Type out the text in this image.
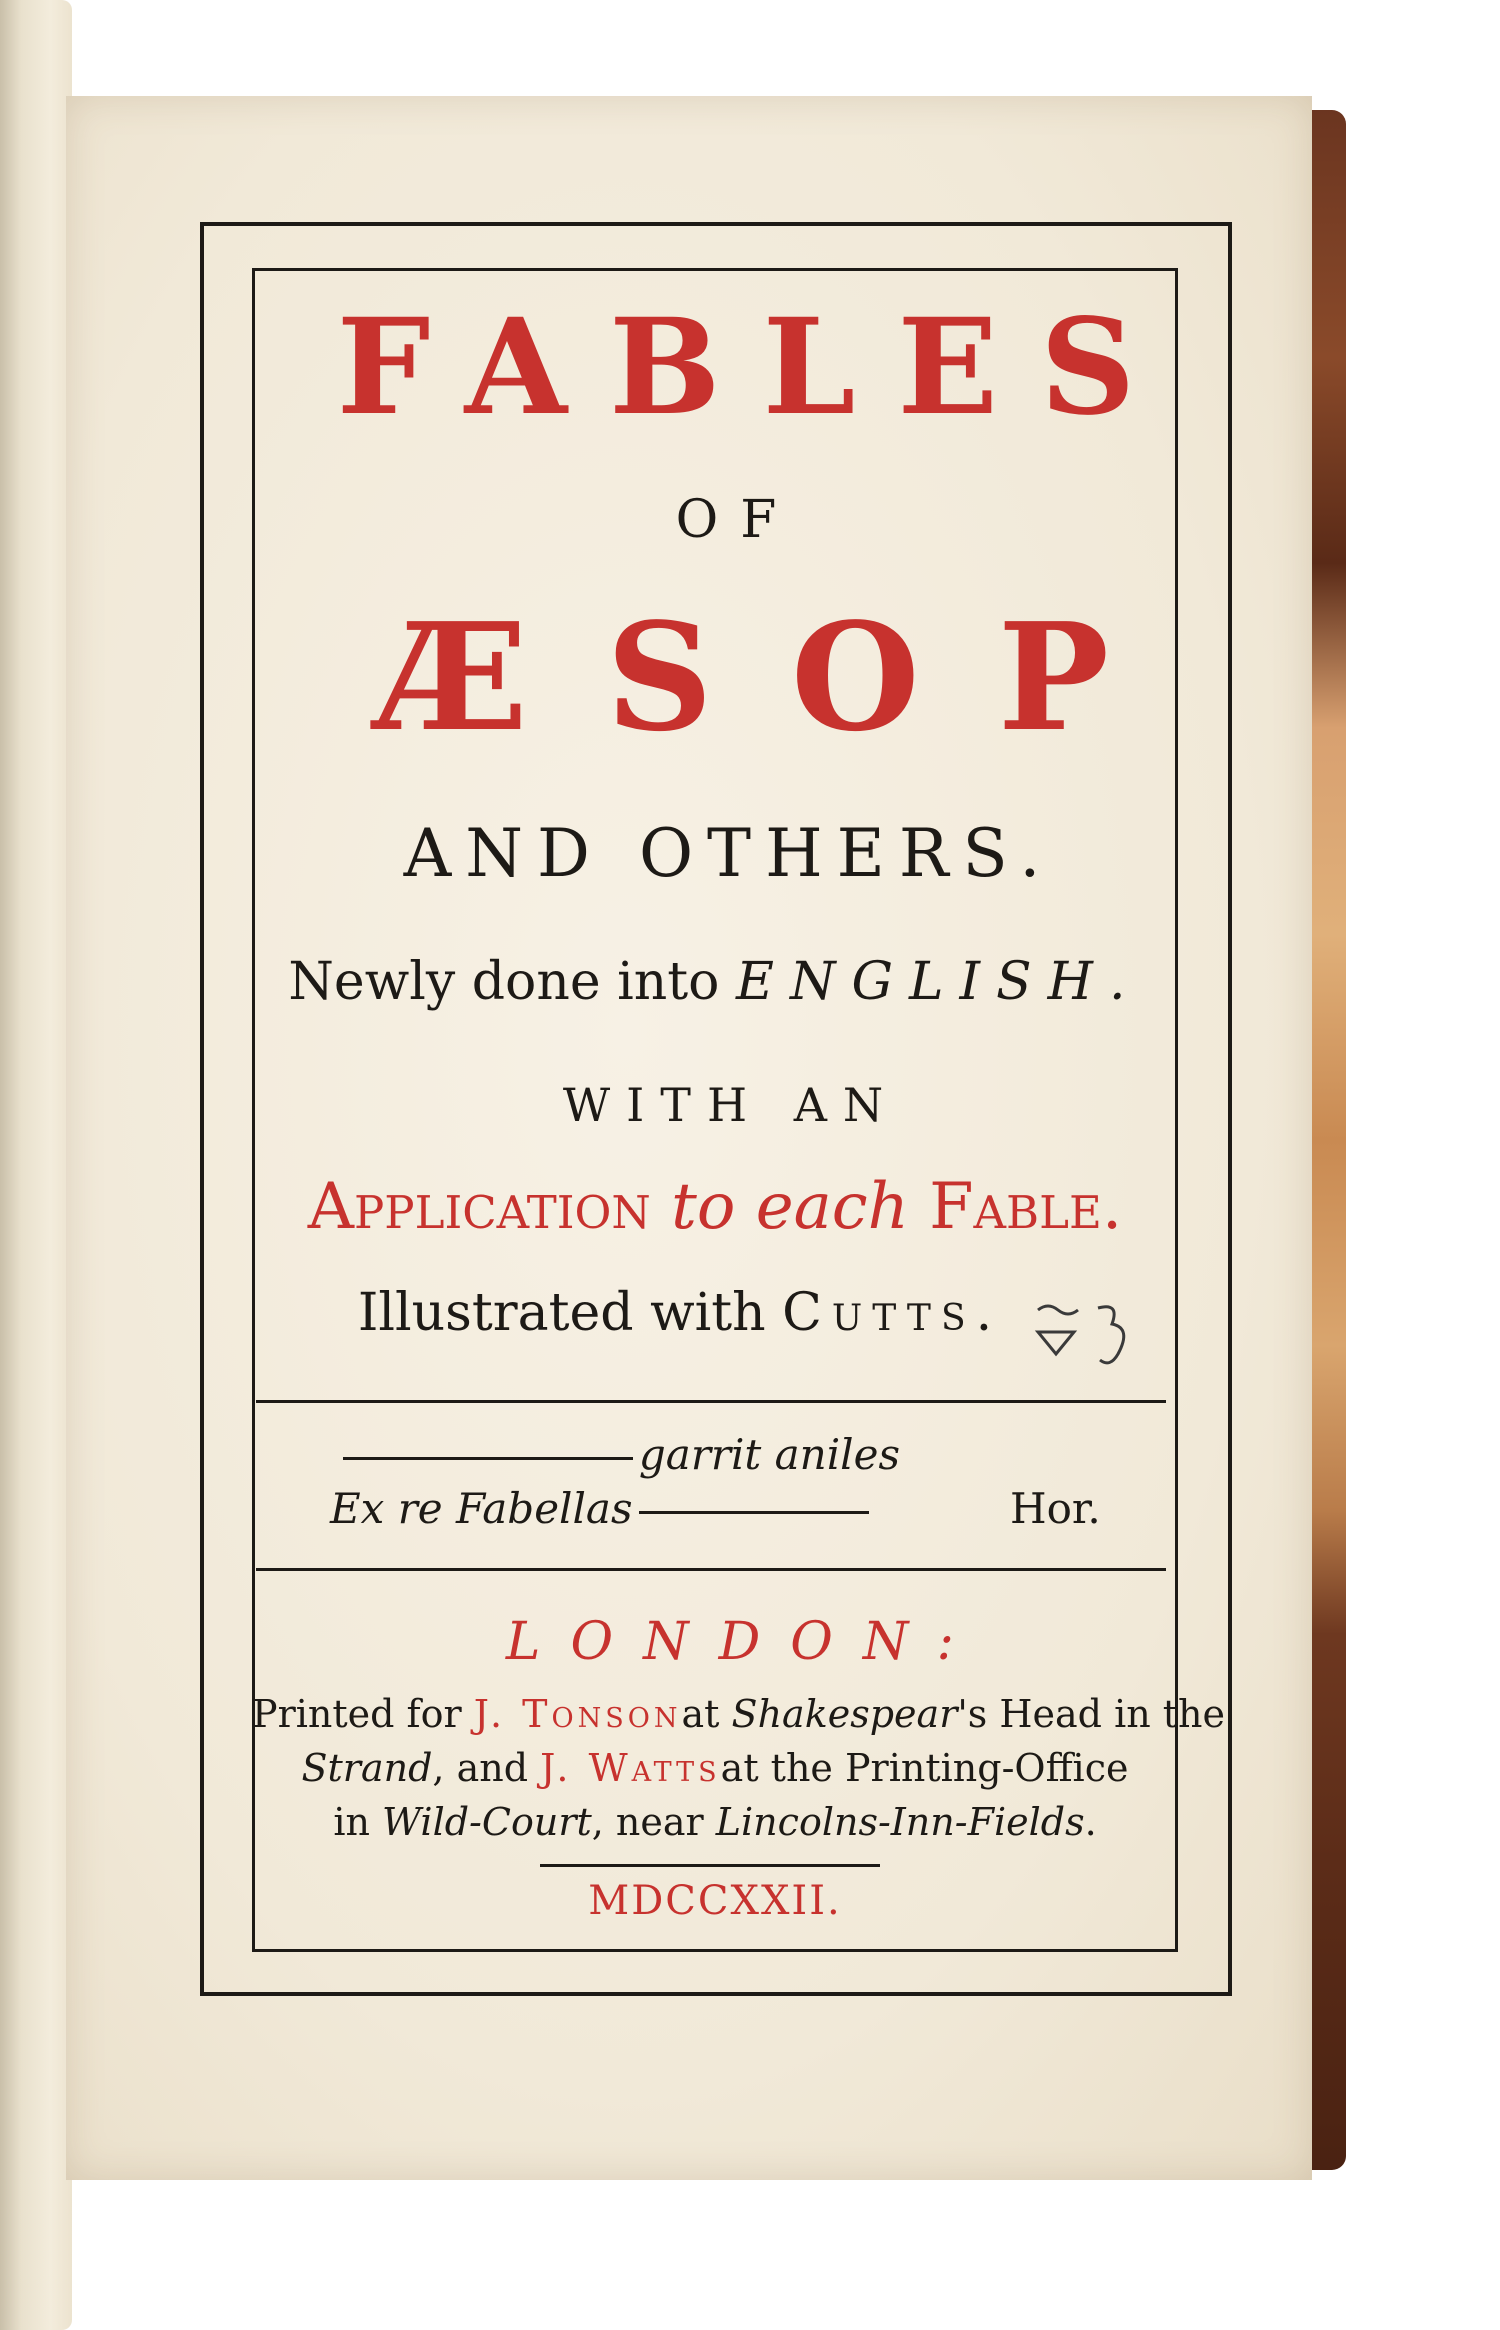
FABLES
OF
ÆSOP
AND OTHERS.
Newly done into ENGLISH.
WITH AN
Application to each Fable.
Illustrated with Cutts.
garrit aniles
Ex re Fabellas	Hor.
LONDON:
Printed for J. Tonsonat Shakespear's Head in the
Strand, and J. Wattsat the Printing-Office
in Wild-Court, near Lincolns-Inn-Fields.
MDCCXXII.
